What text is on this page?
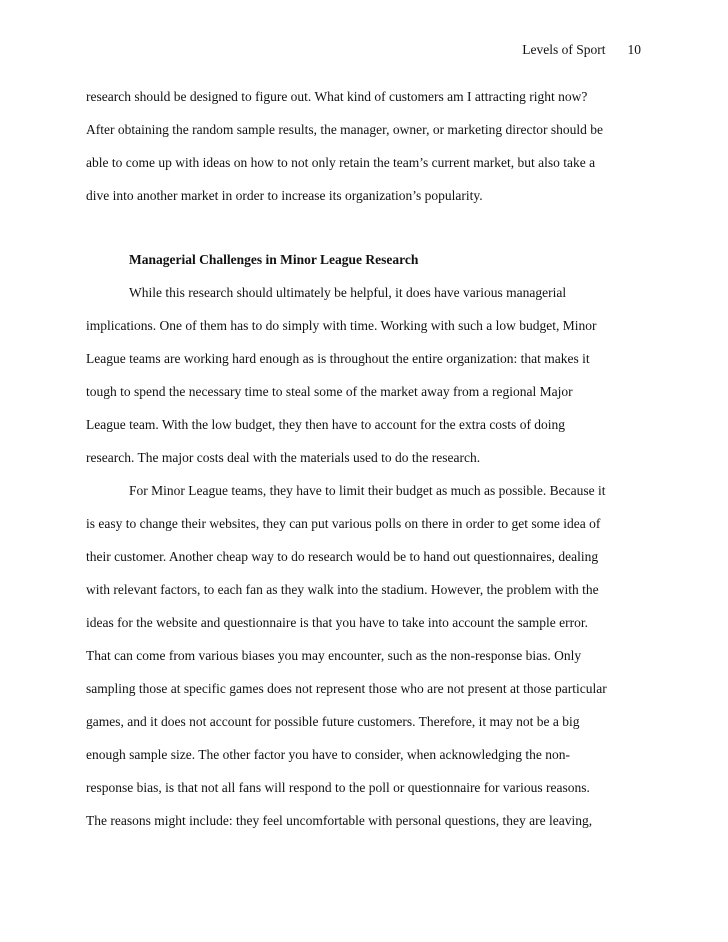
Levels of Sport 10
research should be designed to figure out. What kind of customers am I attracting right now?
After obtaining the random sample results, the manager, owner, or marketing director should be
able to come up with ideas on how to not only retain the team’s current market, but also take a
dive into another market in order to increase its organization’s popularity.
Managerial Challenges in Minor League Research
While this research should ultimately be helpful, it does have various managerial
implications. One of them has to do simply with time. Working with such a low budget, Minor
League teams are working hard enough as is throughout the entire organization: that makes it
tough to spend the necessary time to steal some of the market away from a regional Major
League team. With the low budget, they then have to account for the extra costs of doing
research. The major costs deal with the materials used to do the research.
For Minor League teams, they have to limit their budget as much as possible. Because it
is easy to change their websites, they can put various polls on there in order to get some idea of
their customer. Another cheap way to do research would be to hand out questionnaires, dealing
with relevant factors, to each fan as they walk into the stadium. However, the problem with the
ideas for the website and questionnaire is that you have to take into account the sample error.
That can come from various biases you may encounter, such as the non-response bias. Only
sampling those at specific games does not represent those who are not present at those particular
games, and it does not account for possible future customers. Therefore, it may not be a big
enough sample size. The other factor you have to consider, when acknowledging the non-
response bias, is that not all fans will respond to the poll or questionnaire for various reasons.
The reasons might include: they feel uncomfortable with personal questions, they are leaving,
